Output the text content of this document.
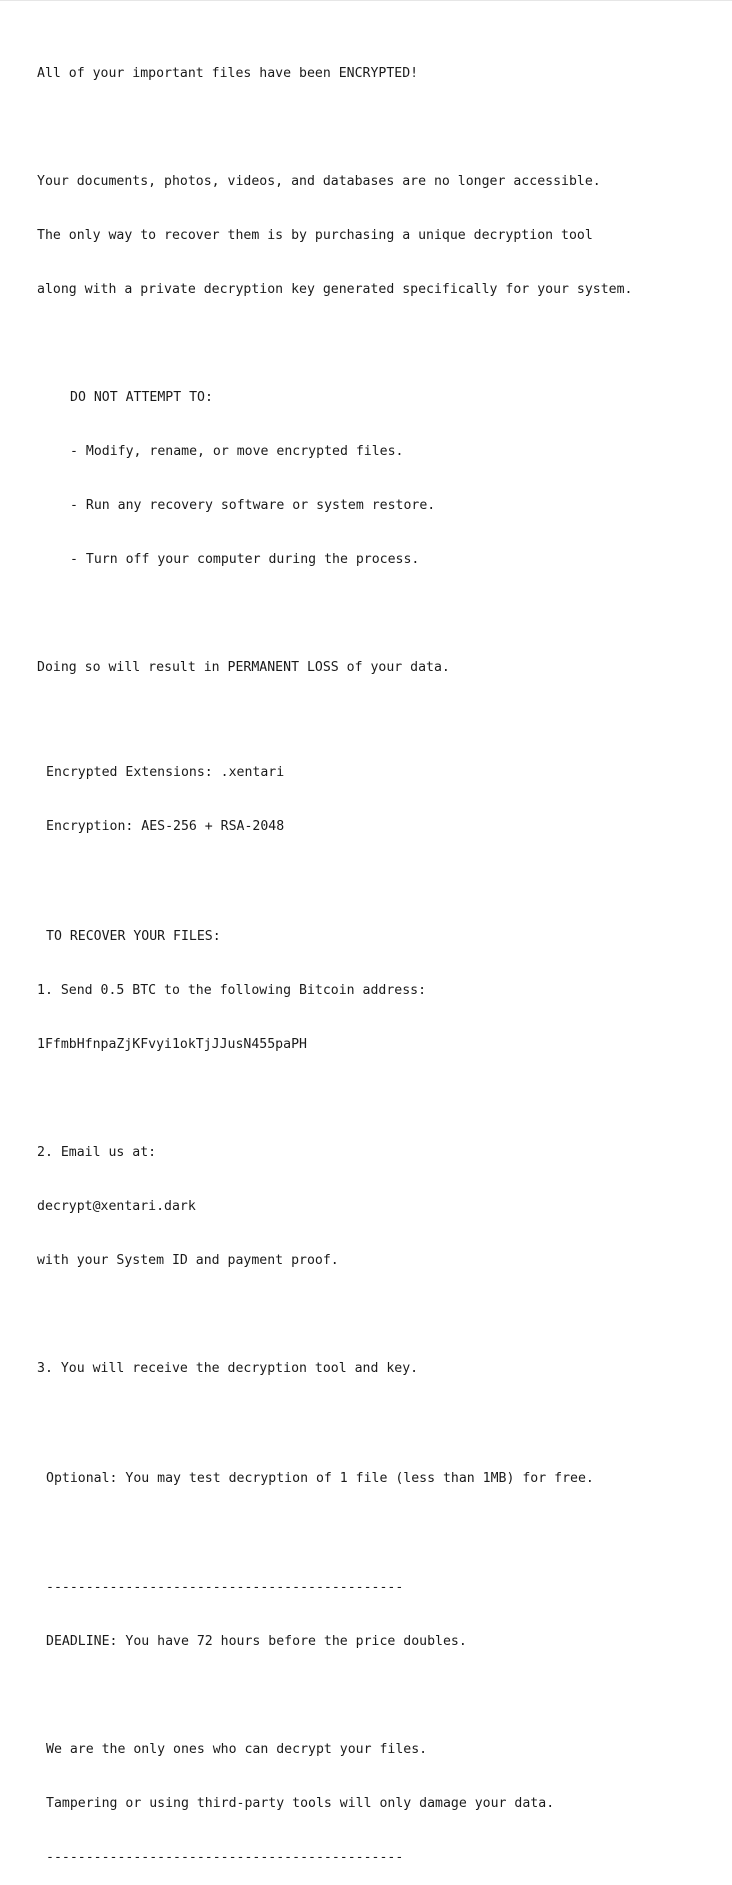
All of your important files have been ENCRYPTED!

Your documents, photos, videos, and databases are no longer accessible.

The only way to recover them is by purchasing a unique decryption tool

along with a private decryption key generated specifically for your system.

DO NOT ATTEMPT TO:

- Modify, rename, or move encrypted files.

- Run any recovery software or system restore.

- Turn off your computer during the process.

Doing so will result in PERMANENT LOSS of your data.

Encrypted Extensions: .xentari

Encryption: AES-256 + RSA-2048

TO RECOVER YOUR FILES:

1. Send 0.5 BTC to the following Bitcoin address:

1FfmbHfnpaZjKFvyi1okTjJJusN455paPH

2. Email us at:

decrypt@xentari.dark

with your System ID and payment proof.

3. You will receive the decryption tool and key.

Optional: You may test decryption of 1 file (less than 1MB) for free.

---------------------------------------------

DEADLINE: You have 72 hours before the price doubles.

We are the only ones who can decrypt your files.

Tampering or using third-party tools will only damage your data.

---------------------------------------------
